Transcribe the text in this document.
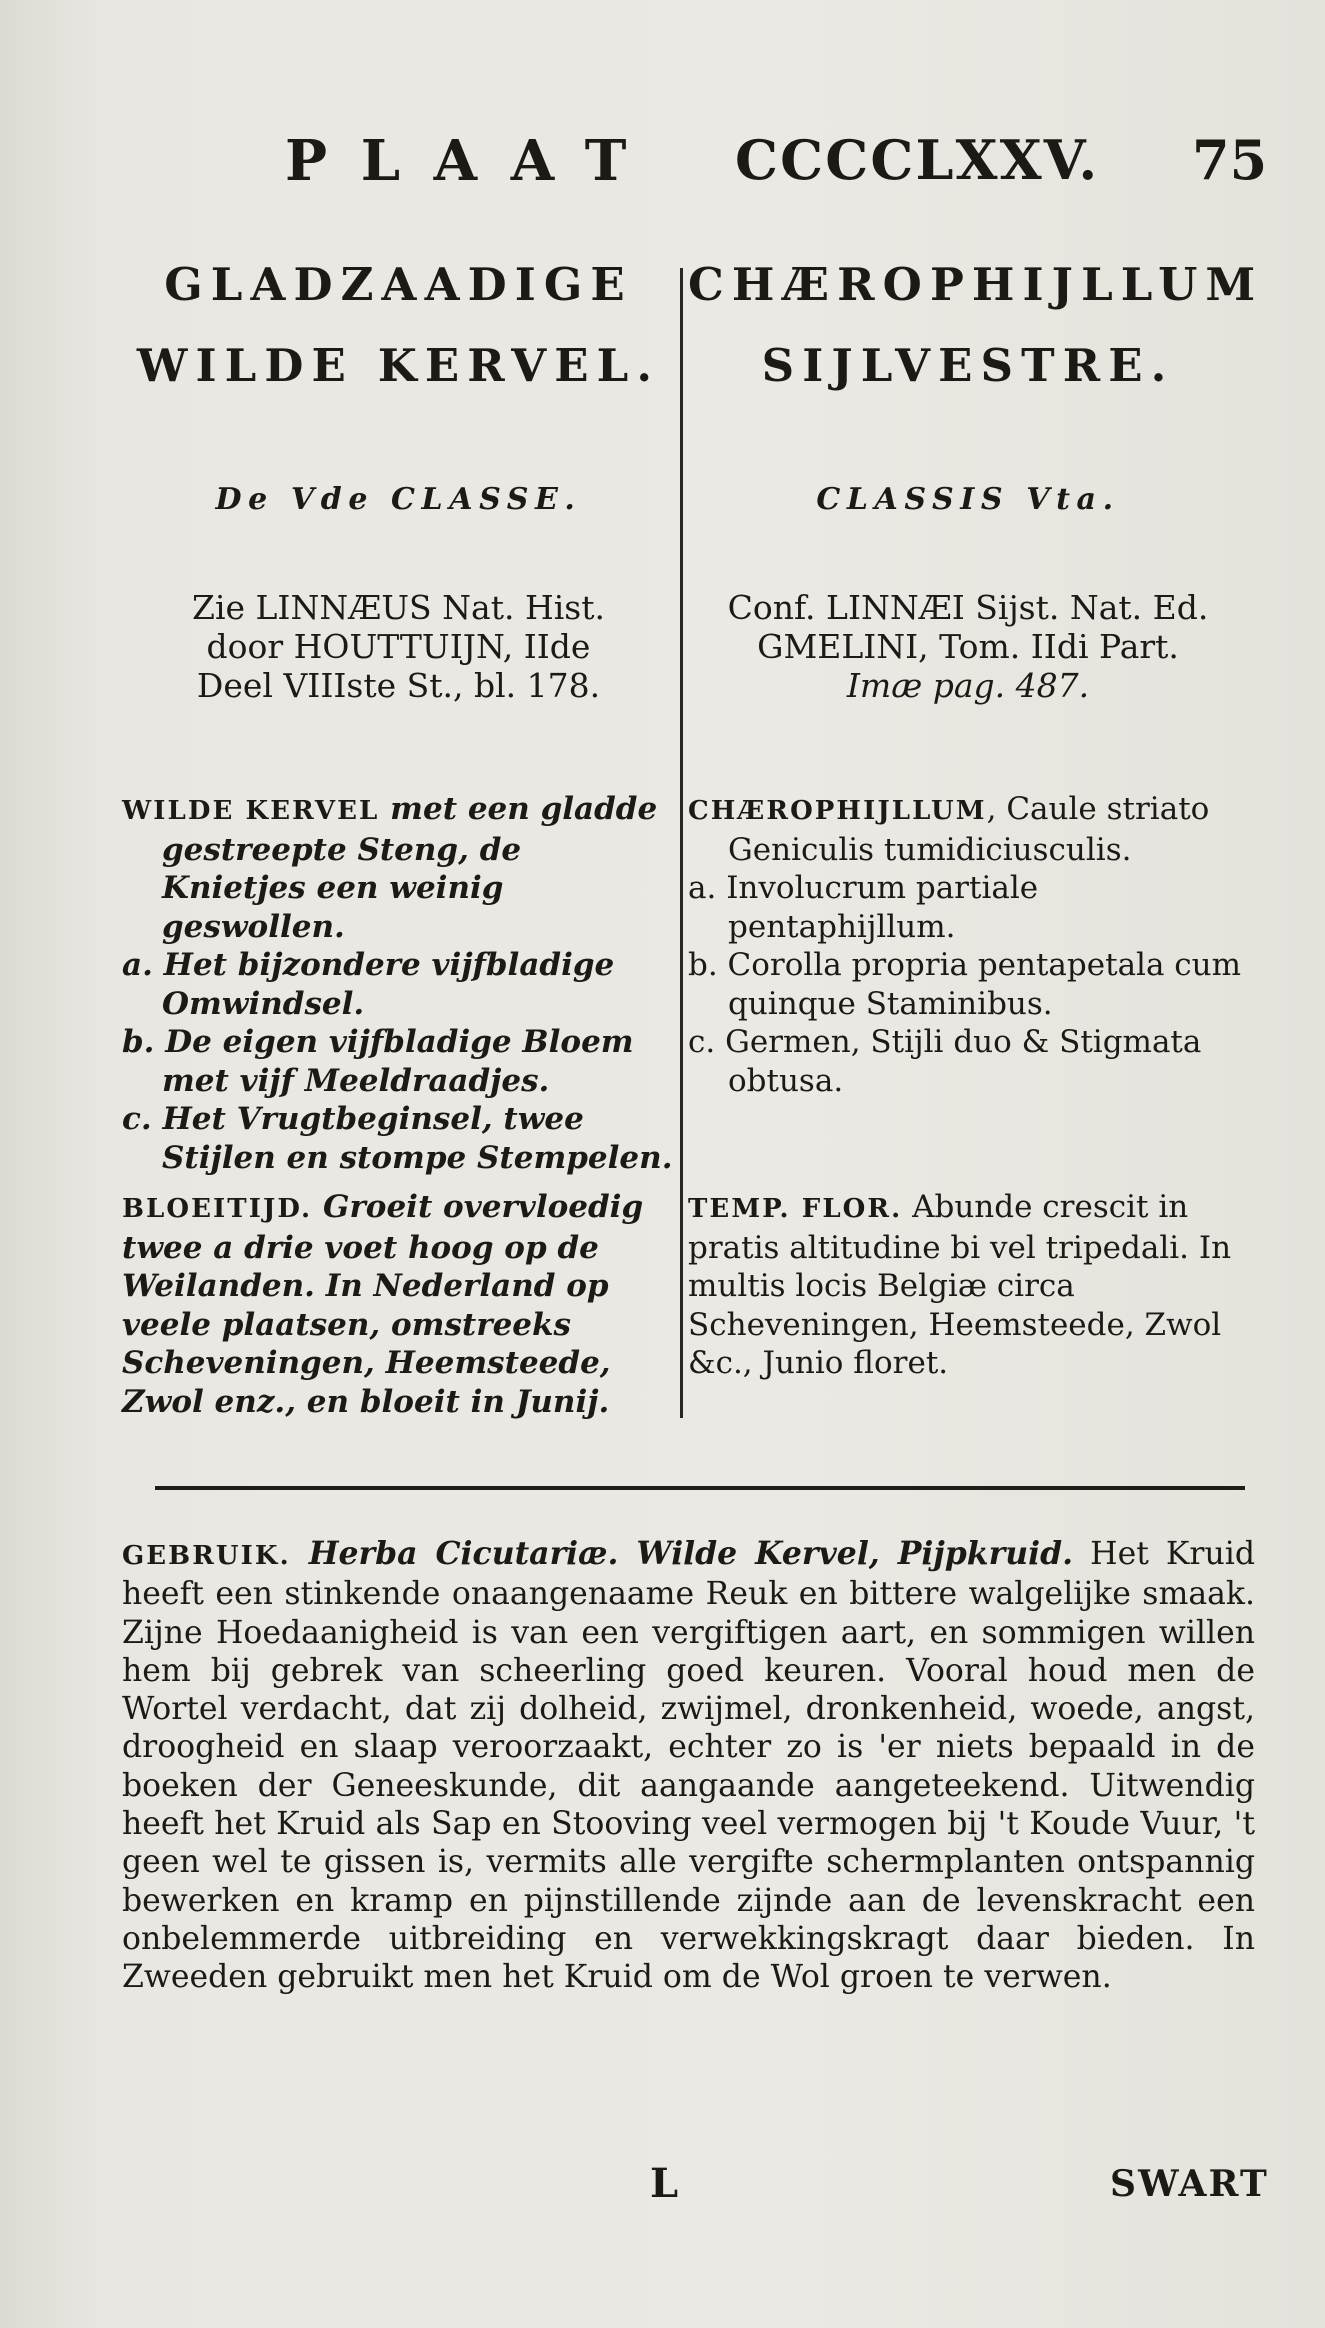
PLAAT CCCCLXXV. 75
GLADZAADIGE
WILDE KERVEL.
De Vde CLASSE.
Zie LINNÆUS Nat. Hist.
door HOUTTUIJN, IIde
Deel VIIIste St., bl. 178.

WILDE KERVEL met een gladde gestreepte Steng, de Knietjes een weinig geswollen.

a. Het bijzondere vijfbladige Omwindsel.

b. De eigen vijfbladige Bloem met vijf Meeldraadjes.

c. Het Vrugtbeginsel, twee Stijlen en stompe Stempelen.

BLOEITIJD. Groeit overvloedig twee a drie voet hoog op de Weilanden. In Nederland op veele plaatsen, omstreeks Scheveningen, Heemsteede, Zwol enz., en bloeit in Junij.

CHÆROPHIJLLUM
SIJLVESTRE.
CLASSIS Vta.
Conf. LINNÆI Sijst. Nat. Ed.
GMELINI, Tom. IIdi Part.
Imæ pag. 487.

CHÆROPHIJLLUM, Caule striato Geniculis tumidiciusculis.

a. Involucrum partiale pentaphijllum.

b. Corolla propria pentapetala cum quinque Staminibus.

c. Germen, Stijli duo & Stigmata obtusa.

TEMP. FLOR. Abunde crescit in pratis altitudine bi vel tripedali. In multis locis Belgiæ circa Scheveningen, Heemsteede, Zwol &c., Junio floret.

GEBRUIK. Herba Cicutariæ. Wilde Kervel, Pijpkruid. Het Kruid heeft een stinkende onaangenaame Reuk en bittere walgelijke smaak. Zijne Hoedaanigheid is van een vergiftigen aart, en sommigen willen hem bij gebrek van scheerling goed keuren. Vooral houd men de Wortel verdacht, dat zij dolheid, zwijmel, dronkenheid, woede, angst, droogheid en slaap veroorzaakt, echter zo is 'er niets bepaald in de boeken der Geneeskunde, dit aangaande aangeteekend. Uitwendig heeft het Kruid als Sap en Stooving veel vermogen bij 't Koude Vuur, 't geen wel te gissen is, vermits alle vergifte schermplanten ontspannig bewerken en kramp en pijnstillende zijnde aan de levenskracht een onbelemmerde uitbreiding en verwekkingskragt daar bieden. In Zweeden gebruikt men het Kruid om de Wol groen te verwen.
L	SWART
